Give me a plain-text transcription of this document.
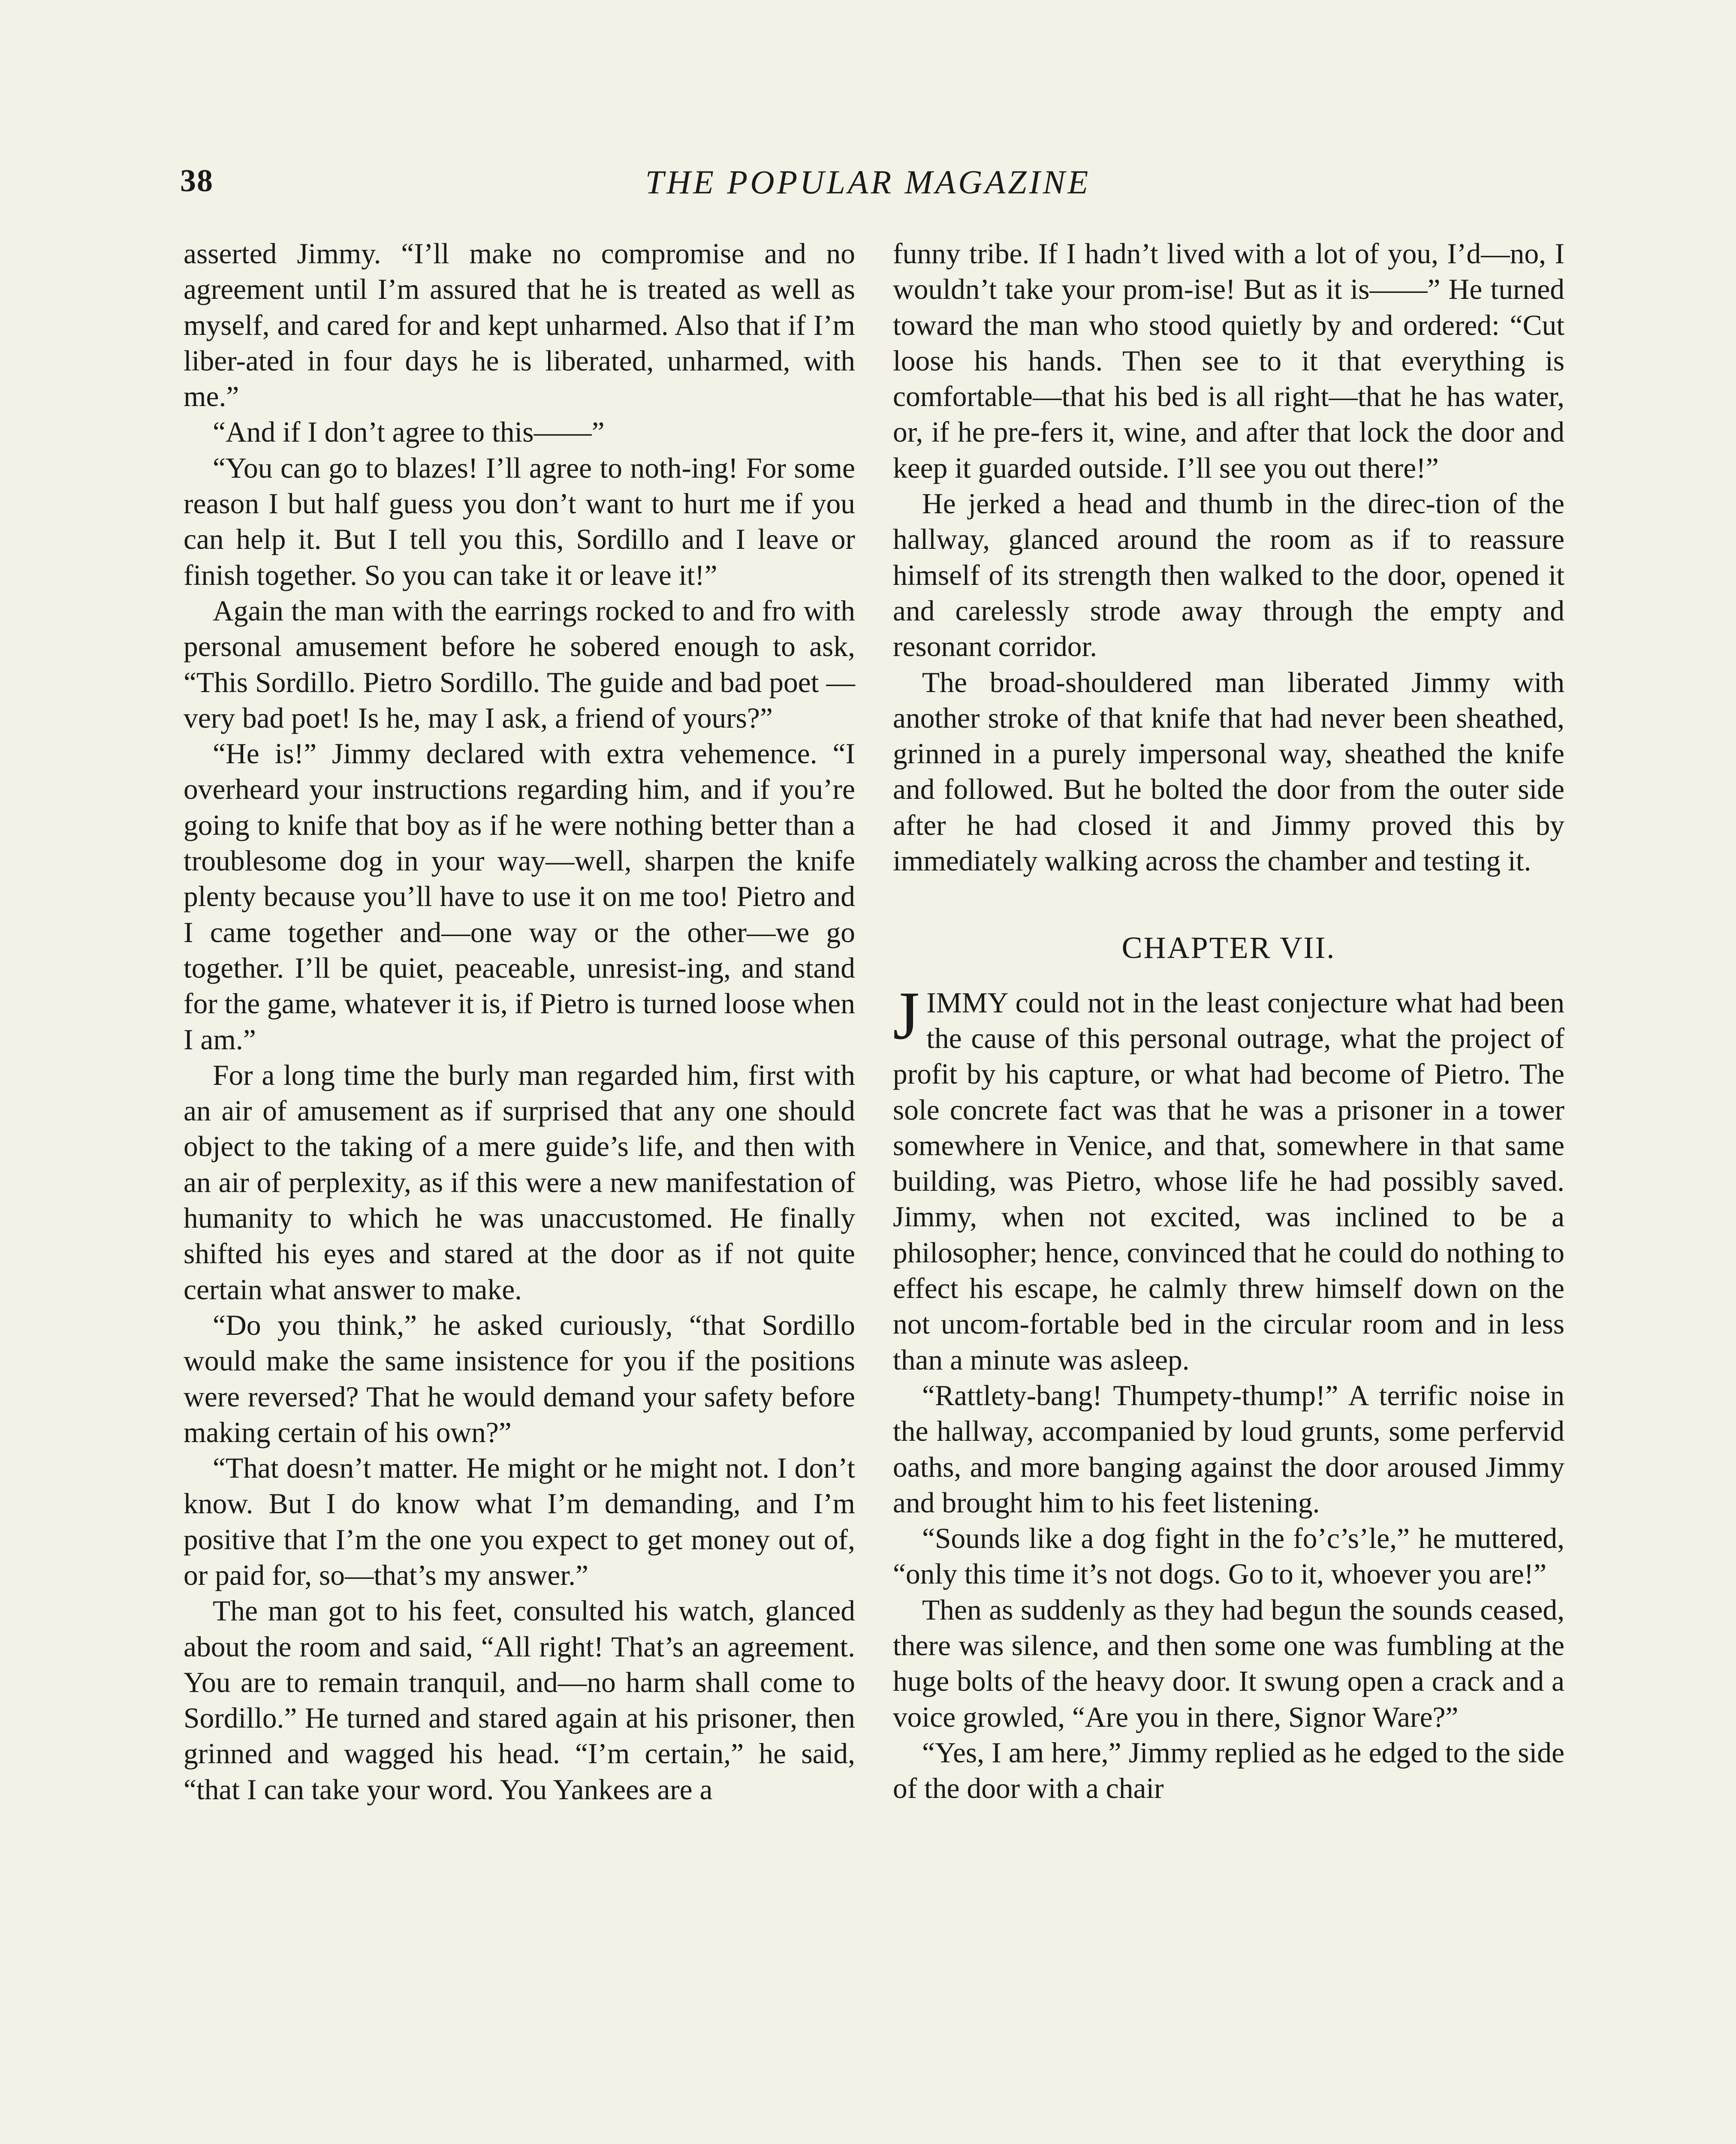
38	THE POPULAR MAGAZINE

asserted Jimmy. “I’ll make no compromise and no agreement until I’m assured that he is treated as well as myself, and cared for and kept unharmed. Also that if I’m liber-ated in four days he is liberated, unharmed, with me.”

“And if I don’t agree to this——”

“You can go to blazes! I’ll agree to noth-ing! For some reason I but half guess you don’t want to hurt me if you can help it. But I tell you this, Sordillo and I leave or finish together. So you can take it or leave it!”

Again the man with the earrings rocked to and fro with personal amusement before he sobered enough to ask, “This Sordillo. Pietro Sordillo. The guide and bad poet —very bad poet! Is he, may I ask, a friend of yours?”

“He is!” Jimmy declared with extra vehemence. “I overheard your instructions regarding him, and if you’re going to knife that boy as if he were nothing better than a troublesome dog in your way—well, sharpen the knife plenty because you’ll have to use it on me too! Pietro and I came together and—one way or the other—we go together. I’ll be quiet, peaceable, unresist-ing, and stand for the game, whatever it is, if Pietro is turned loose when I am.”

For a long time the burly man regarded him, first with an air of amusement as if surprised that any one should object to the taking of a mere guide’s life, and then with an air of perplexity, as if this were a new manifestation of humanity to which he was unaccustomed. He finally shifted his eyes and stared at the door as if not quite certain what answer to make.

“Do you think,” he asked curiously, “that Sordillo would make the same insistence for you if the positions were reversed? That he would demand your safety before making certain of his own?”

“That doesn’t matter. He might or he might not. I don’t know. But I do know what I’m demanding, and I’m positive that I’m the one you expect to get money out of, or paid for, so—that’s my answer.”

The man got to his feet, consulted his watch, glanced about the room and said, “All right! That’s an agreement. You are to remain tranquil, and—no harm shall come to Sordillo.” He turned and stared again at his prisoner, then grinned and wagged his head. “I’m certain,” he said, “that I can take your word. You Yankees are a

funny tribe. If I hadn’t lived with a lot of you, I’d—no, I wouldn’t take your prom-ise! But as it is——” He turned toward the man who stood quietly by and ordered: “Cut loose his hands. Then see to it that everything is comfortable—that his bed is all right—that he has water, or, if he pre-fers it, wine, and after that lock the door and keep it guarded outside. I’ll see you out there!”

He jerked a head and thumb in the direc-tion of the hallway, glanced around the room as if to reassure himself of its strength then walked to the door, opened it and carelessly strode away through the empty and resonant corridor.

The broad-shouldered man liberated Jimmy with another stroke of that knife that had never been sheathed, grinned in a purely impersonal way, sheathed the knife and followed. But he bolted the door from the outer side after he had closed it and Jimmy proved this by immediately walking across the chamber and testing it.

CHAPTER VII.

JIMMY could not in the least conjecture what had been the cause of this personal outrage, what the project of profit by his capture, or what had become of Pietro. The sole concrete fact was that he was a prisoner in a tower somewhere in Venice, and that, somewhere in that same building, was Pietro, whose life he had possibly saved. Jimmy, when not excited, was inclined to be a philosopher; hence, convinced that he could do nothing to effect his escape, he calmly threw himself down on the not uncom-fortable bed in the circular room and in less than a minute was asleep.

“Rattlety-bang! Thumpety-thump!” A terrific noise in the hallway, accompanied by loud grunts, some perfervid oaths, and more banging against the door aroused Jimmy and brought him to his feet listening.

“Sounds like a dog fight in the fo’c’s’le,” he muttered, “only this time it’s not dogs. Go to it, whoever you are!”

Then as suddenly as they had begun the sounds ceased, there was silence, and then some one was fumbling at the huge bolts of the heavy door. It swung open a crack and a voice growled, “Are you in there, Signor Ware?”

“Yes, I am here,” Jimmy replied as he edged to the side of the door with a chair
